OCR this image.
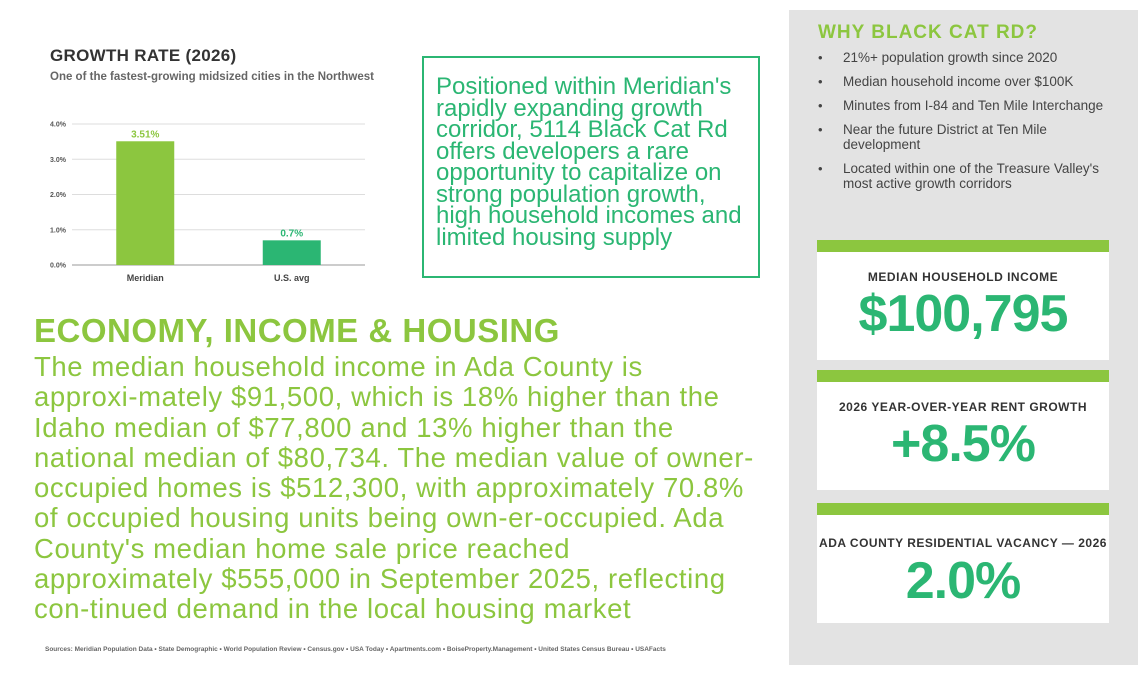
GROWTH RATE (2026)
One of the fastest-growing midsized cities in the Northwest
0.0%
1.0%
2.0%
3.0%
4.0%
3.51%
Meridian
0.7%
U.S. avg
Positioned within Meridian's rapidly expanding growth corridor, 5114 Black Cat Rd offers developers a rare opportunity to capitalize on strong population growth, high household incomes and limited housing supply
ECONOMY, INCOME & HOUSING
The median household income in Ada County is approxi-mately $91,500, which is 18% higher than the Idaho median of $77,800 and 13% higher than the national median of $80,734. The median value of owner-occupied homes is $512,300, with approximately 70.8% of occupied housing units being own-er-occupied. Ada County's median home sale price reached approximately $555,000 in September 2025, reflecting con-tinued demand in the local housing market
Sources: Meridian Population Data • State Demographic • World Population Review • Census.gov • USA Today • Apartments.com • BoiseProperty.Management • United States Census Bureau • USAFacts
WHY BLACK CAT RD?
• 21%+ population growth since 2020
• Median household income over $100K
• Minutes from I-84 and Ten Mile Interchange
• Near the future District at Ten Mile development
• Located within one of the Treasure Valley's most active growth corridors
MEDIAN HOUSEHOLD INCOME
$100,795
2026 YEAR-OVER-YEAR RENT GROWTH
+8.5%
ADA COUNTY RESIDENTIAL VACANCY — 2026
2.0%
